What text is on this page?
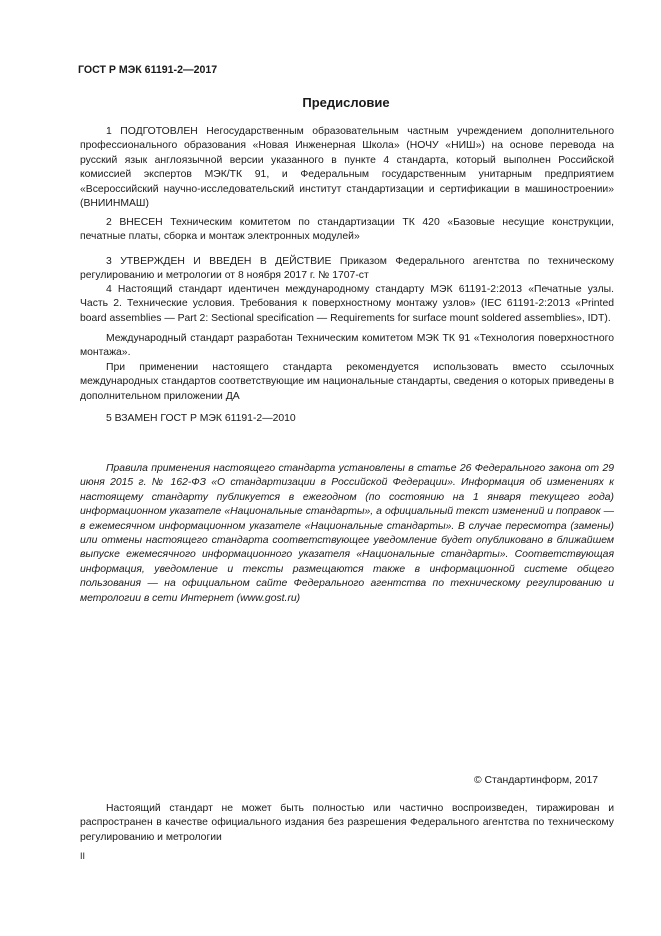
ГОСТ Р МЭК 61191-2—2017
Предисловие

1 ПОДГОТОВЛЕН Негосударственным образовательным частным учреждением дополнительного профессионального образования «Новая Инженерная Школа» (НОЧУ «НИШ») на основе перевода на русский язык англоязычной версии указанного в пункте 4 стандарта, который выполнен Российской комиссией экспертов МЭК/ТК 91, и Федеральным государственным унитарным предприятием «Всероссийский научно-исследовательский институт стандартизации и сертификации в машиностроении» (ВНИИНМАШ)

2 ВНЕСЕН Техническим комитетом по стандартизации ТК 420 «Базовые несущие конструкции, печатные платы, сборка и монтаж электронных модулей»

3 УТВЕРЖДЕН И ВВЕДЕН В ДЕЙСТВИЕ Приказом Федерального агентства по техническому регулированию и метрологии от 8 ноября 2017 г. № 1707-ст

4 Настоящий стандарт идентичен международному стандарту МЭК 61191-2:2013 «Печатные узлы. Часть 2. Технические условия. Требования к поверхностному монтажу узлов» (IEC 61191-2:2013 «Printed board assemblies — Part 2: Sectional specification — Requirements for surface mount soldered assemblies», IDT).

Международный стандарт разработан Техническим комитетом МЭК ТК 91 «Технология поверхностного монтажа».

При применении настоящего стандарта рекомендуется использовать вместо ссылочных международных стандартов соответствующие им национальные стандарты, сведения о которых приведены в дополнительном приложении ДА

5 ВЗАМЕН ГОСТ Р МЭК 61191-2—2010

Правила применения настоящего стандарта установлены в статье 26 Федерального закона от 29 июня 2015 г. № 162-ФЗ «О стандартизации в Российской Федерации». Информация об изменениях к настоящему стандарту публикуется в ежегодном (по состоянию на 1 января текущего года) информационном указателе «Национальные стандарты», а официальный текст изменений и поправок — в ежемесячном информационном указателе «Национальные стандарты». В случае пересмотра (замены) или отмены настоящего стандарта соответствующее уведомление будет опубликовано в ближайшем выпуске ежемесячного информационного указателя «Национальные стандарты». Соответствующая информация, уведомление и тексты размещаются также в информационной системе общего пользования — на официальном сайте Федерального агентства по техническому регулированию и метрологии в сети Интернет (www.gost.ru)

© Стандартинформ, 2017

Настоящий стандарт не может быть полностью или частично воспроизведен, тиражирован и распространен в качестве официального издания без разрешения Федерального агентства по техническому регулированию и метрологии

II
